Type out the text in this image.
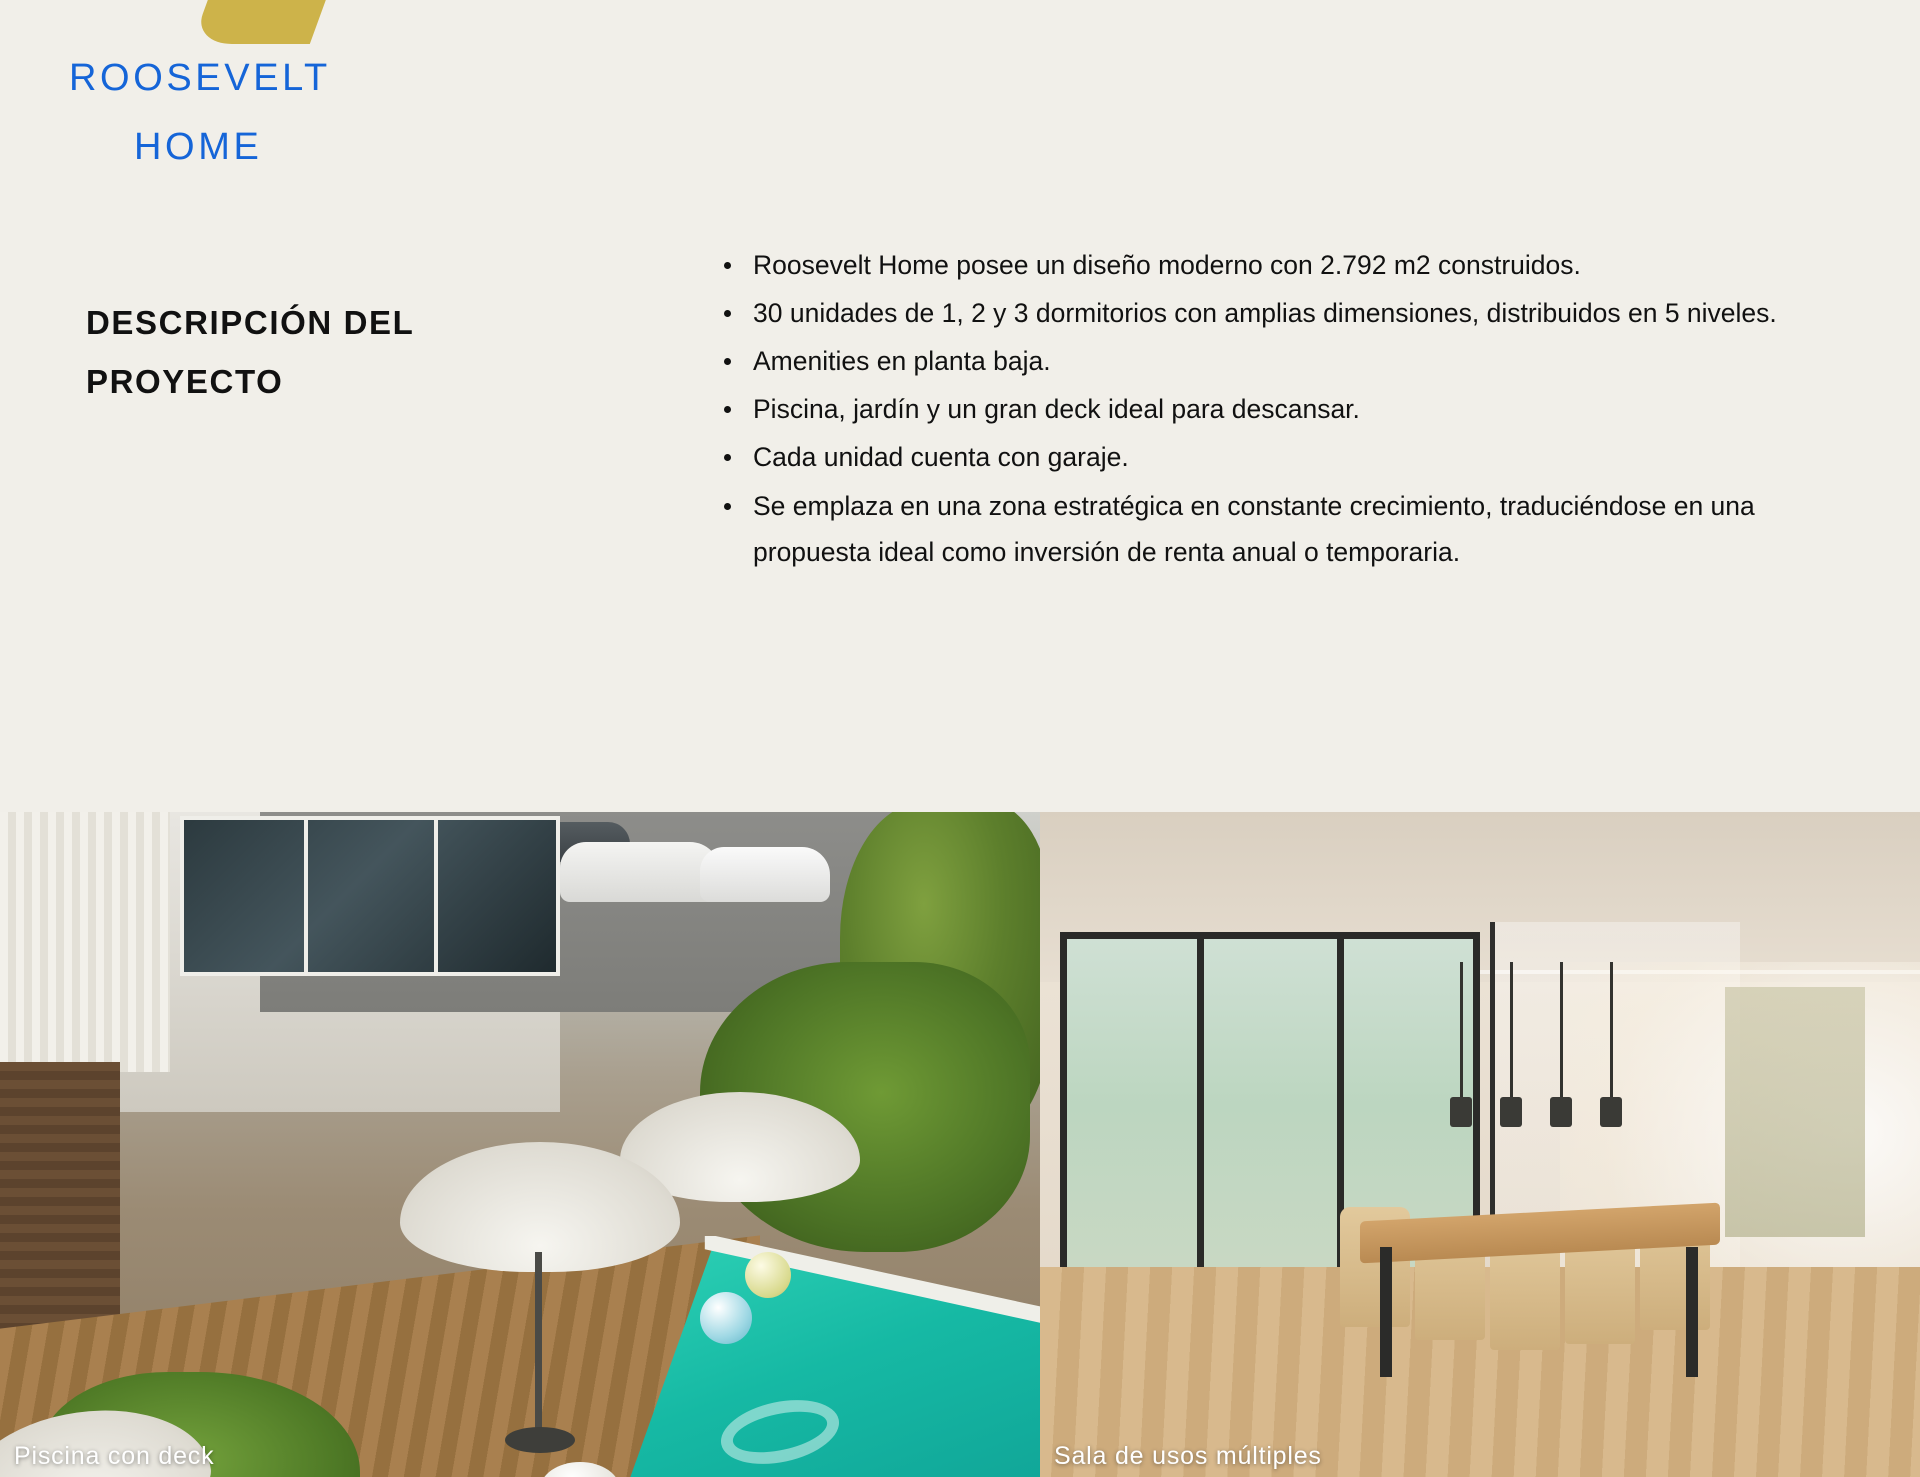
ROOSEVELT
HOME
DESCRIPCIÓN DEL PROYECTO
Roosevelt Home posee un diseño moderno con 2.792 m2 construidos.
30 unidades de 1, 2 y 3 dormitorios con amplias dimensiones, distribuidos en 5 niveles.
Amenities en planta baja.
Piscina, jardín y un gran deck ideal para descansar.
Cada unidad cuenta con garaje.
Se emplaza en una zona estratégica en constante crecimiento, traduciéndose en una propuesta ideal como inversión de renta anual o temporaria.
Piscina con deck	Sala de usos múltiples
